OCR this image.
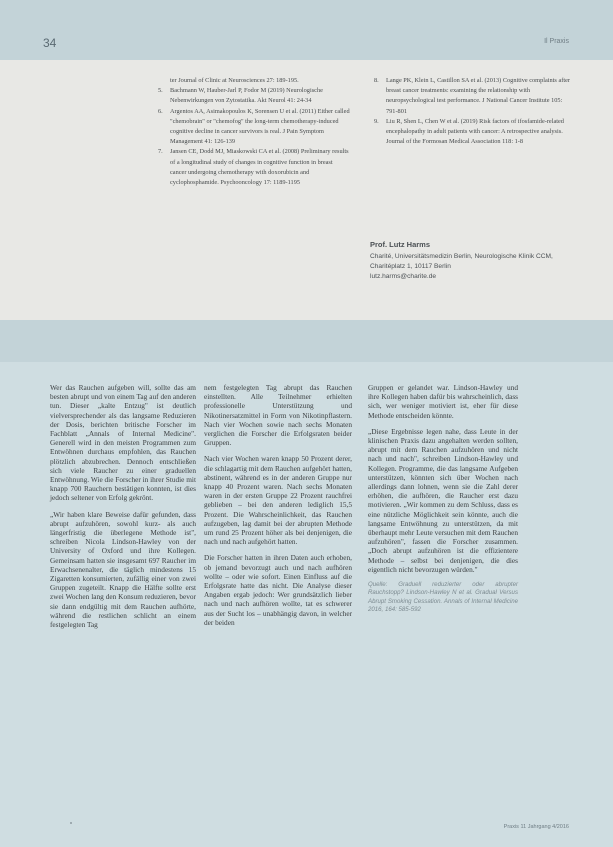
34	Il Praxis
ter Journal of Clinic at Neurosciences 27: 189-195.
5.	Bachmann W, Hauber-Jarl P, Fodor M (2019) Neurologische Nebenwirkungen von Zytostatika. Akt Neurol 41: 24-34
6.	Argentos AA, Asimakopoulos K, Sorensen U et al. (2011) Either called "chemobrain" or "chemofog" the long-term chemotherapy-induced cognitive decline in cancer survivors is real. J Pain Symptom Management 41: 126-139
7.	Jansen CE, Dodd MJ, Miaskowski CA et al. (2008) Preliminary results of a longitudinal study of changes in cognitive function in breast cancer undergoing chemotherapy with doxorubicin and cyclophosphamide. Psychooncology 17: 1189-1195
8.	Lange PK, Klein L, Castillon SA et al. (2013) Cognitive complaints after breast cancer treatments: examining the relationship with neuropsychological test performance. J National Cancer Institute 105: 791-801
9.	Liu R, Shen L, Chen W et al. (2019) Risk factors of ifosfamide-related encephalopathy in adult patients with cancer: A retrospective analysis. Journal of the Formosan Medical Association 118: 1-8
Prof. Lutz Harms
Charité, Universitätsmedizin Berlin, Neurologische Klinik CCM, Charitéplatz 1, 10117 Berlin
lutz.harms@charite.de

Wer das Rauchen aufgeben will, sollte das am besten abrupt und von einem Tag auf den anderen tun. Dieser „kalte Entzug" ist deutlich vielversprechender als das langsame Reduzieren der Dosis, berichten britische Forscher im Fachblatt „Annals of Internal Medicine". Generell wird in den meisten Programmen zum Entwöhnen durchaus empfohlen, das Rauchen plötzlich abzubrechen. Dennoch entschließen sich viele Raucher zu einer graduellen Entwöhnung. Wie die Forscher in ihrer Studie mit knapp 700 Rauchern bestätigen konnten, ist dies jedoch seltener von Erfolg gekrönt.

„Wir haben klare Beweise dafür gefunden, dass abrupt aufzuhören, sowohl kurz- als auch längerfristig die überlegene Methode ist", schreiben Nicola Lindson-Hawley von der University of Oxford und ihre Kollegen. Gemeinsam hatten sie insgesamt 697 Raucher im Erwachsenenalter, die täglich mindestens 15 Zigaretten konsumierten, zufällig einer von zwei Gruppen zugeteilt. Knapp die Hälfte sollte erst zwei Wochen lang den Konsum reduzieren, bevor sie dann endgültig mit dem Rauchen aufhörte, während die restlichen schlicht an einem festgelegten Tag

nem festgelegten Tag abrupt das Rauchen einstellten. Alle Teilnehmer erhielten professionelle Unterstützung und Nikotinersatzmittel in Form von Nikotinpflastern. Nach vier Wochen sowie nach sechs Monaten verglichen die Forscher die Erfolgsraten beider Gruppen.

Nach vier Wochen waren knapp 50 Prozent derer, die schlagartig mit dem Rauchen aufgehört hatten, abstinent, während es in der anderen Gruppe nur knapp 40 Prozent waren. Nach sechs Monaten waren in der ersten Gruppe 22 Prozent rauchfrei geblieben – bei den anderen lediglich 15,5 Prozent. Die Wahrscheinlichkeit, das Rauchen aufzugeben, lag damit bei der abrupten Methode um rund 25 Prozent höher als bei denjenigen, die nach und nach aufgehört hatten.

Die Forscher hatten in ihren Daten auch erhoben, ob jemand bevorzugt auch und nach aufhören wollte – oder wie sofort. Einen Einfluss auf die Erfolgsrate hatte das nicht. Die Analyse dieser Angaben ergab jedoch: Wer grundsätzlich lieber nach und nach aufhören wollte, tat es schwerer aus der Sucht los – unabhängig davon, in welcher der beiden

Gruppen er gelandet war. Lindson-Hawley und ihre Kollegen haben dafür bis wahrscheinlich, dass sich, wer weniger motiviert ist, eher für diese Methode entscheiden könnte.

„Diese Ergebnisse legen nahe, dass Leute in der klinischen Praxis dazu angehalten werden sollten, abrupt mit dem Rauchen aufzuhören und nicht nach und nach", schreiben Lindson-Hawley und Kollegen. Programme, die das langsame Aufgeben unterstützen, könnten sich über Wochen nach allerdings dann lohnen, wenn sie die Zahl derer erhöhen, die aufhören, die Raucher erst dazu motivieren. „Wir kommen zu dem Schluss, dass es eine nützliche Möglichkeit sein könnte, auch die langsame Entwöhnung zu unterstützen, da mit überhaupt mehr Leute versuchen mit dem Rauchen aufzuhören", fassen die Forscher zusammen. „Doch abrupt aufzuhören ist die effizientere Methode – selbst bei denjenigen, die dies eigentlich nicht bevorzugen würden."

Quelle: Graduell reduzierter oder abrupter Rauchstopp? Lindson-Hawley N et al. Gradual Versus Abrupt Smoking Cessation. Annals of Internal Medicine 2016, 164: 585-592
Praxis 11 Jahrgang 4/2016
